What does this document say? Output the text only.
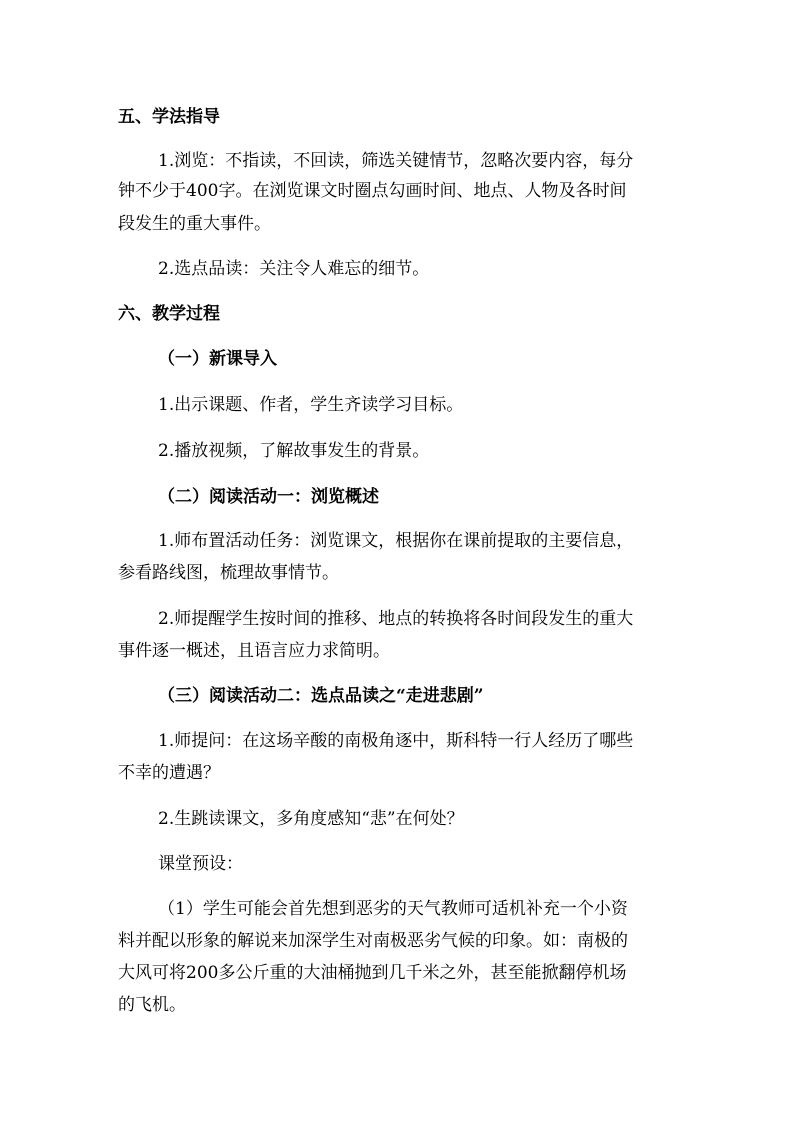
五、学法指导
1.浏览：不指读，不回读，筛选关键情节，忽略次要内容，每分
钟不少于400字。在浏览课文时圈点勾画时间、地点、人物及各时间
段发生的重大事件。
2.选点品读：关注令人难忘的细节。
六、教学过程
（一）新课导入
1.出示课题、作者，学生齐读学习目标。
2.播放视频，了解故事发生的背景。
（二）阅读活动一：浏览概述
1.师布置活动任务：浏览课文，根据你在课前提取的主要信息，
参看路线图，梳理故事情节。
2.师提醒学生按时间的推移、地点的转换将各时间段发生的重大
事件逐一概述，且语言应力求简明。
（三）阅读活动二：选点品读之“走进悲剧”
1.师提问：在这场辛酸的南极角逐中，斯科特一行人经历了哪些
不幸的遭遇？
2.生跳读课文，多角度感知“悲”在何处？
课堂预设：
（1）学生可能会首先想到恶劣的天气教师可适机补充一个小资
料并配以形象的解说来加深学生对南极恶劣气候的印象。如：南极的
大风可将200多公斤重的大油桶抛到几千米之外，甚至能掀翻停机场
的飞机。
